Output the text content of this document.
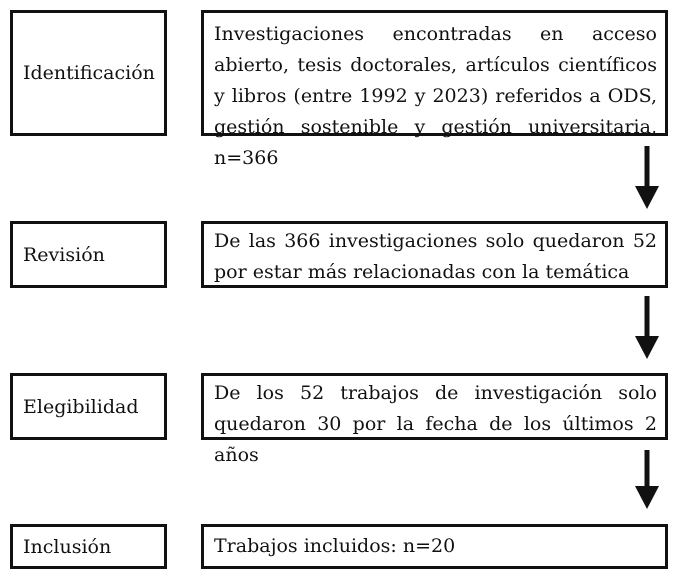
Identificación
Investigaciones encontradas en acceso abierto, tesis doctorales, artículos científicos y libros (entre 1992 y 2023) referidos a ODS, gestión sostenible y gestión universitaria, n=366
Revisión
De las 366 investigaciones solo quedaron 52 por estar más relacionadas con la temática
Elegibilidad
De los 52 trabajos de investigación solo quedaron 30 por la fecha de los últimos 2 años
Inclusión	Trabajos incluidos: n=20
